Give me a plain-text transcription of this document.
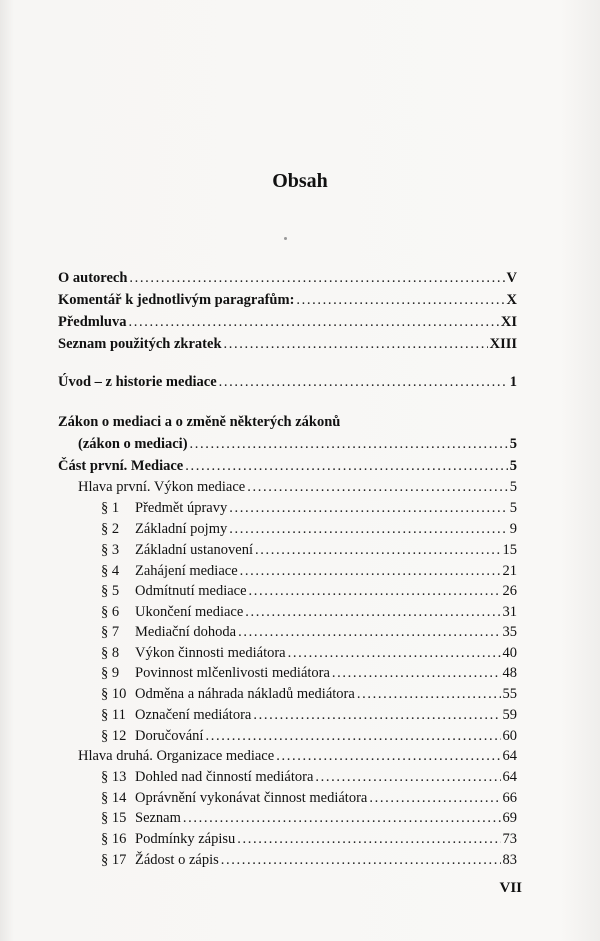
Obsah
O autorech . . .	V
Komentář k jednotlivým paragrafům: . . .	X
Předmluva . . .	XI
Seznam použitých zkratek . . .	XIII
Úvod – z historie mediace . . .	1
Zákon o mediaci a o změně některých zákonů
(zákon o mediaci) . . .	5
Část první. Mediace . . .	5
Hlava první. Výkon mediace . . .	5
§ 1	Předmět úpravy . . .	5
§ 2	Základní pojmy . . .	9
§ 3	Základní ustanovení . . .	15
§ 4	Zahájení mediace . . .	21
§ 5	Odmítnutí mediace . . .	26
§ 6	Ukončení mediace . . .	31
§ 7	Mediační dohoda . . .	35
§ 8	Výkon činnosti mediátora . . .	40
§ 9	Povinnost mlčenlivosti mediátora . . .	48
§ 10 Odměna a náhrada nákladů mediátora . . .	55
§ 11 Označení mediátora . . .	59
§ 12 Doručování . . .	60
Hlava druhá. Organizace mediace . . .	64
§ 13 Dohled nad činností mediátora . . .	64
§ 14 Oprávnění vykonávat činnost mediátora . . .	66
§ 15 Seznam . . .	69
§ 16 Podmínky zápisu . . .	73
§ 17 Žádost o zápis . . .	83
VII
